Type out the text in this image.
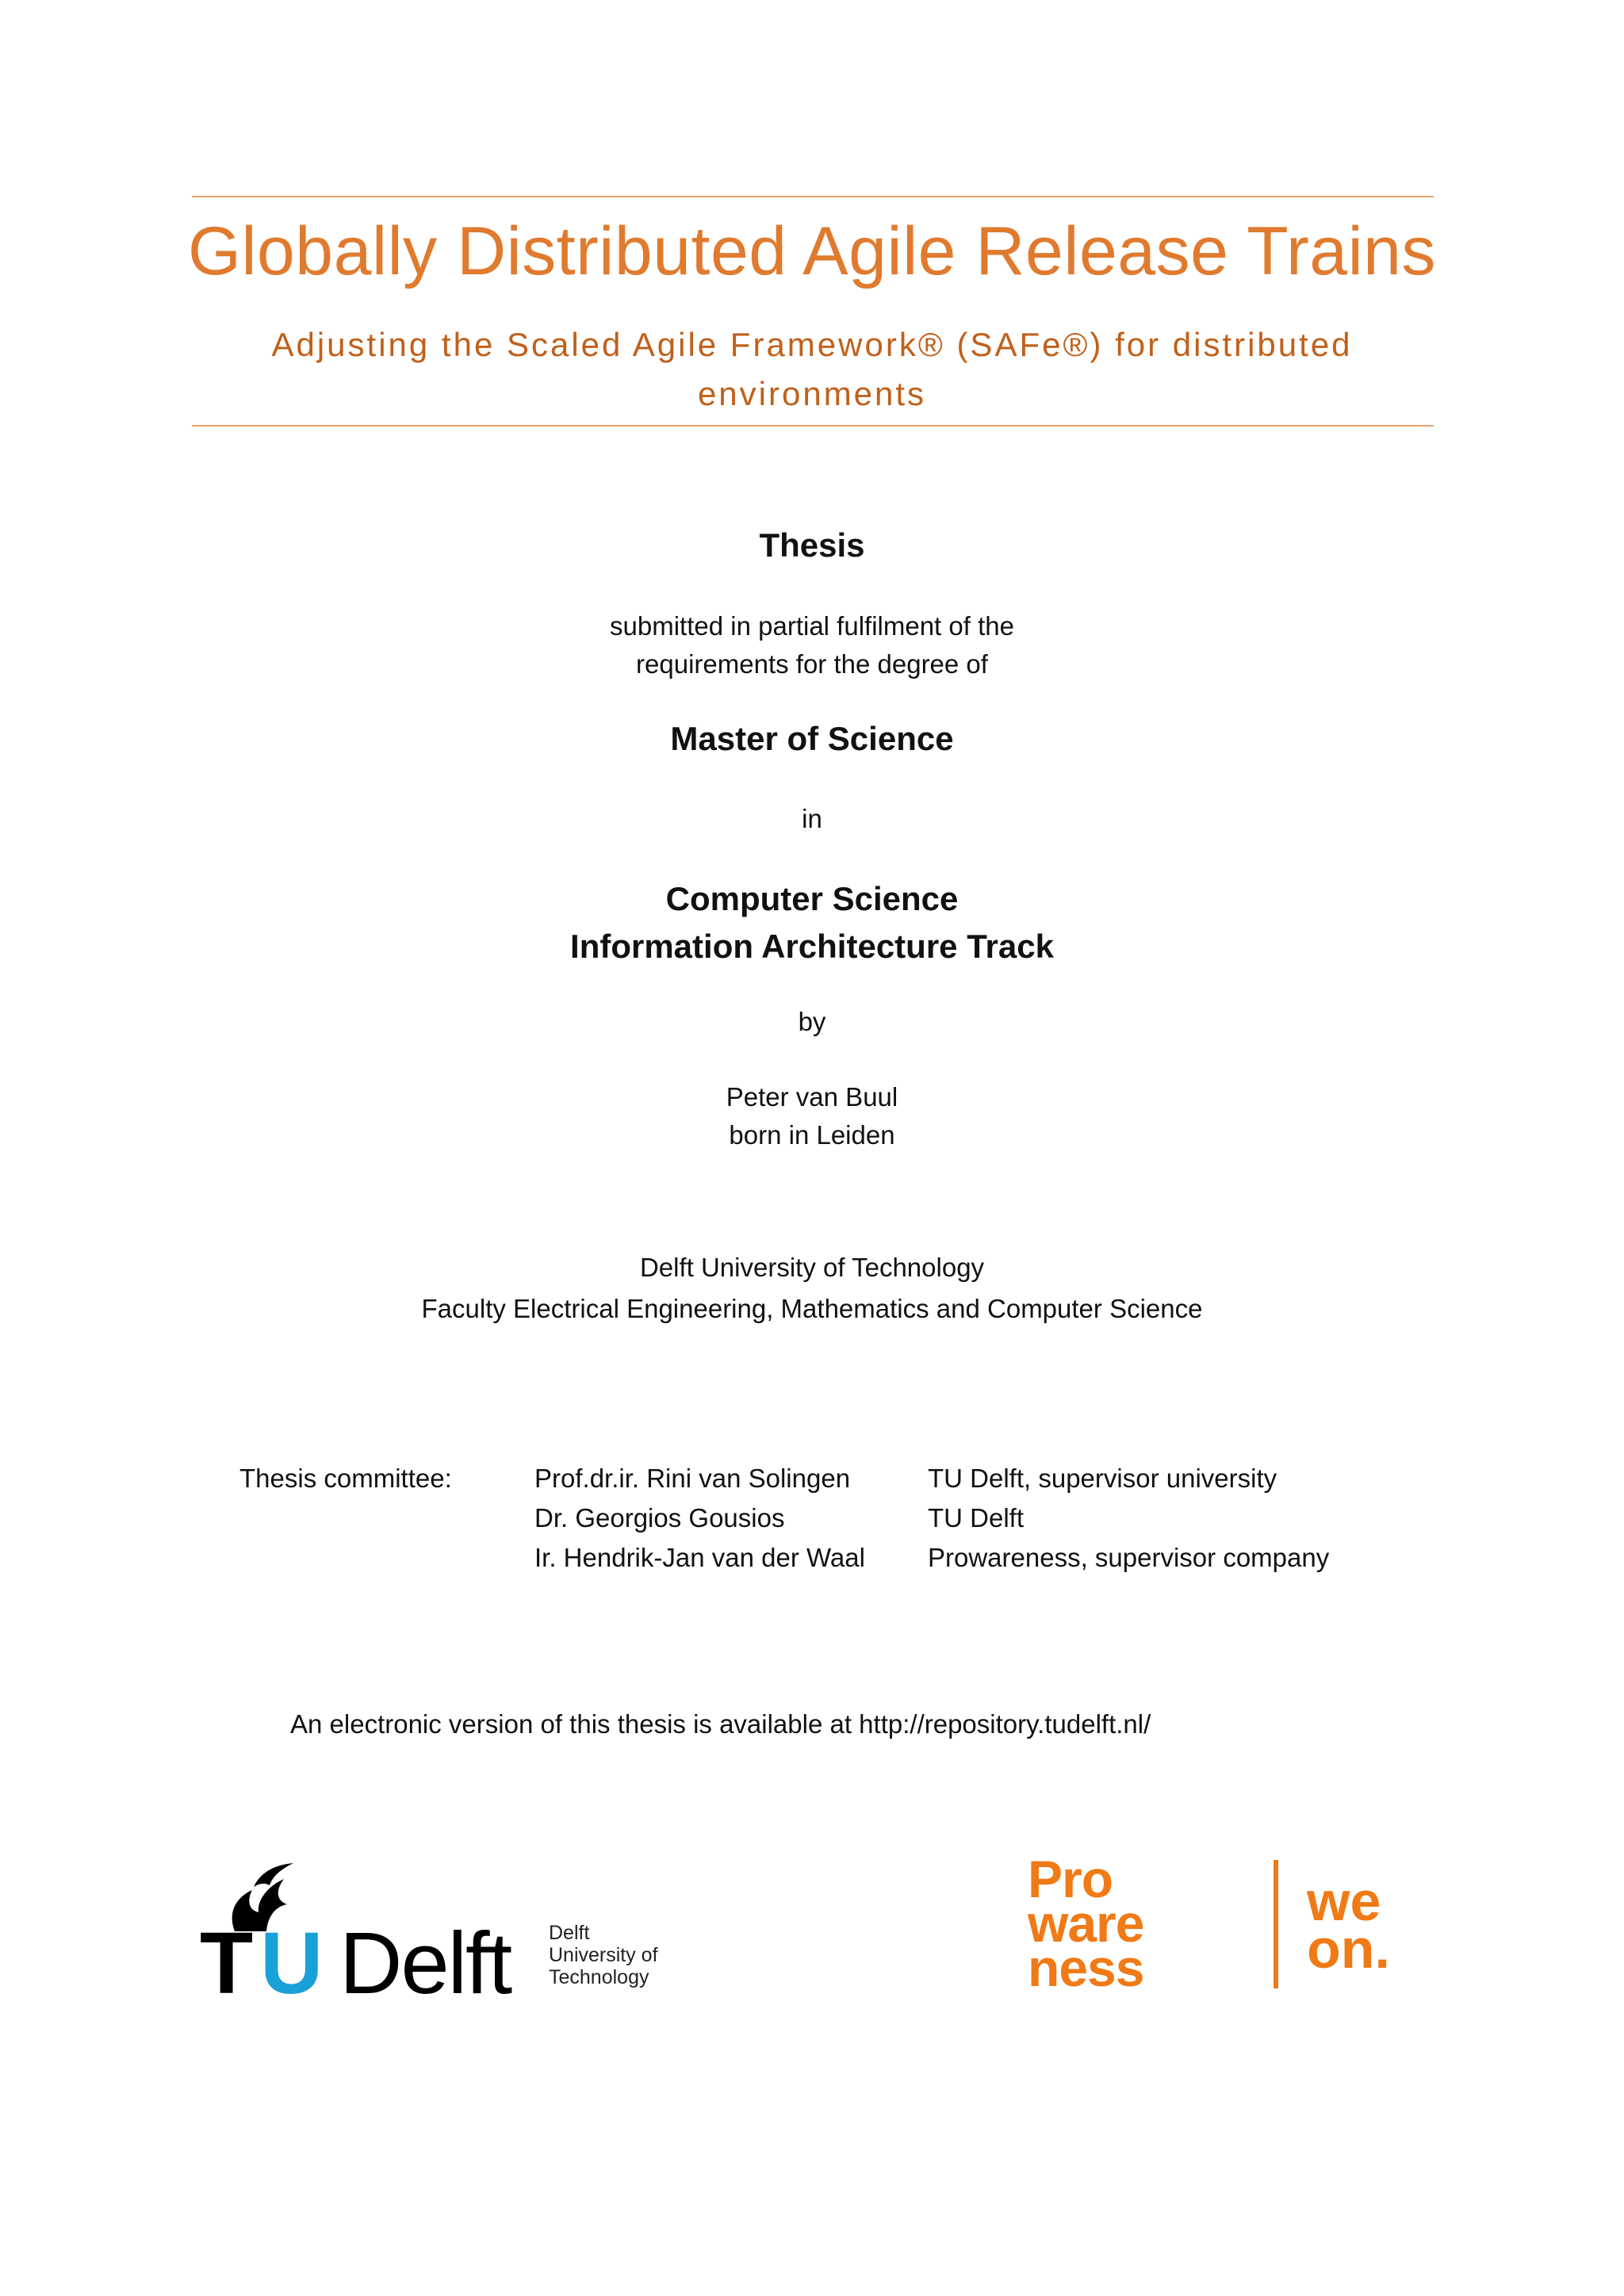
Globally Distributed Agile Release Trains
Adjusting the Scaled Agile Framework® (SAFe®) for distributed
environments
Thesis
submitted in partial fulfilment of the
requirements for the degree of
Master of Science
in
Computer Science
Information Architecture Track
by
Peter van Buul
born in Leiden
Delft University of Technology
Faculty Electrical Engineering, Mathematics and Computer Science
Thesis committee:	Prof.dr.ir. Rini van Solingen
Dr. Georgios Gousios
Ir. Hendrik-Jan van der Waal
TU Delft, supervisor university
TU Delft
Prowareness, supervisor company
An electronic version of this thesis is available at http://repository.tudelft.nl/
T U Delft Delft
University of
Technology
Pro
ware
ness
we
on.
